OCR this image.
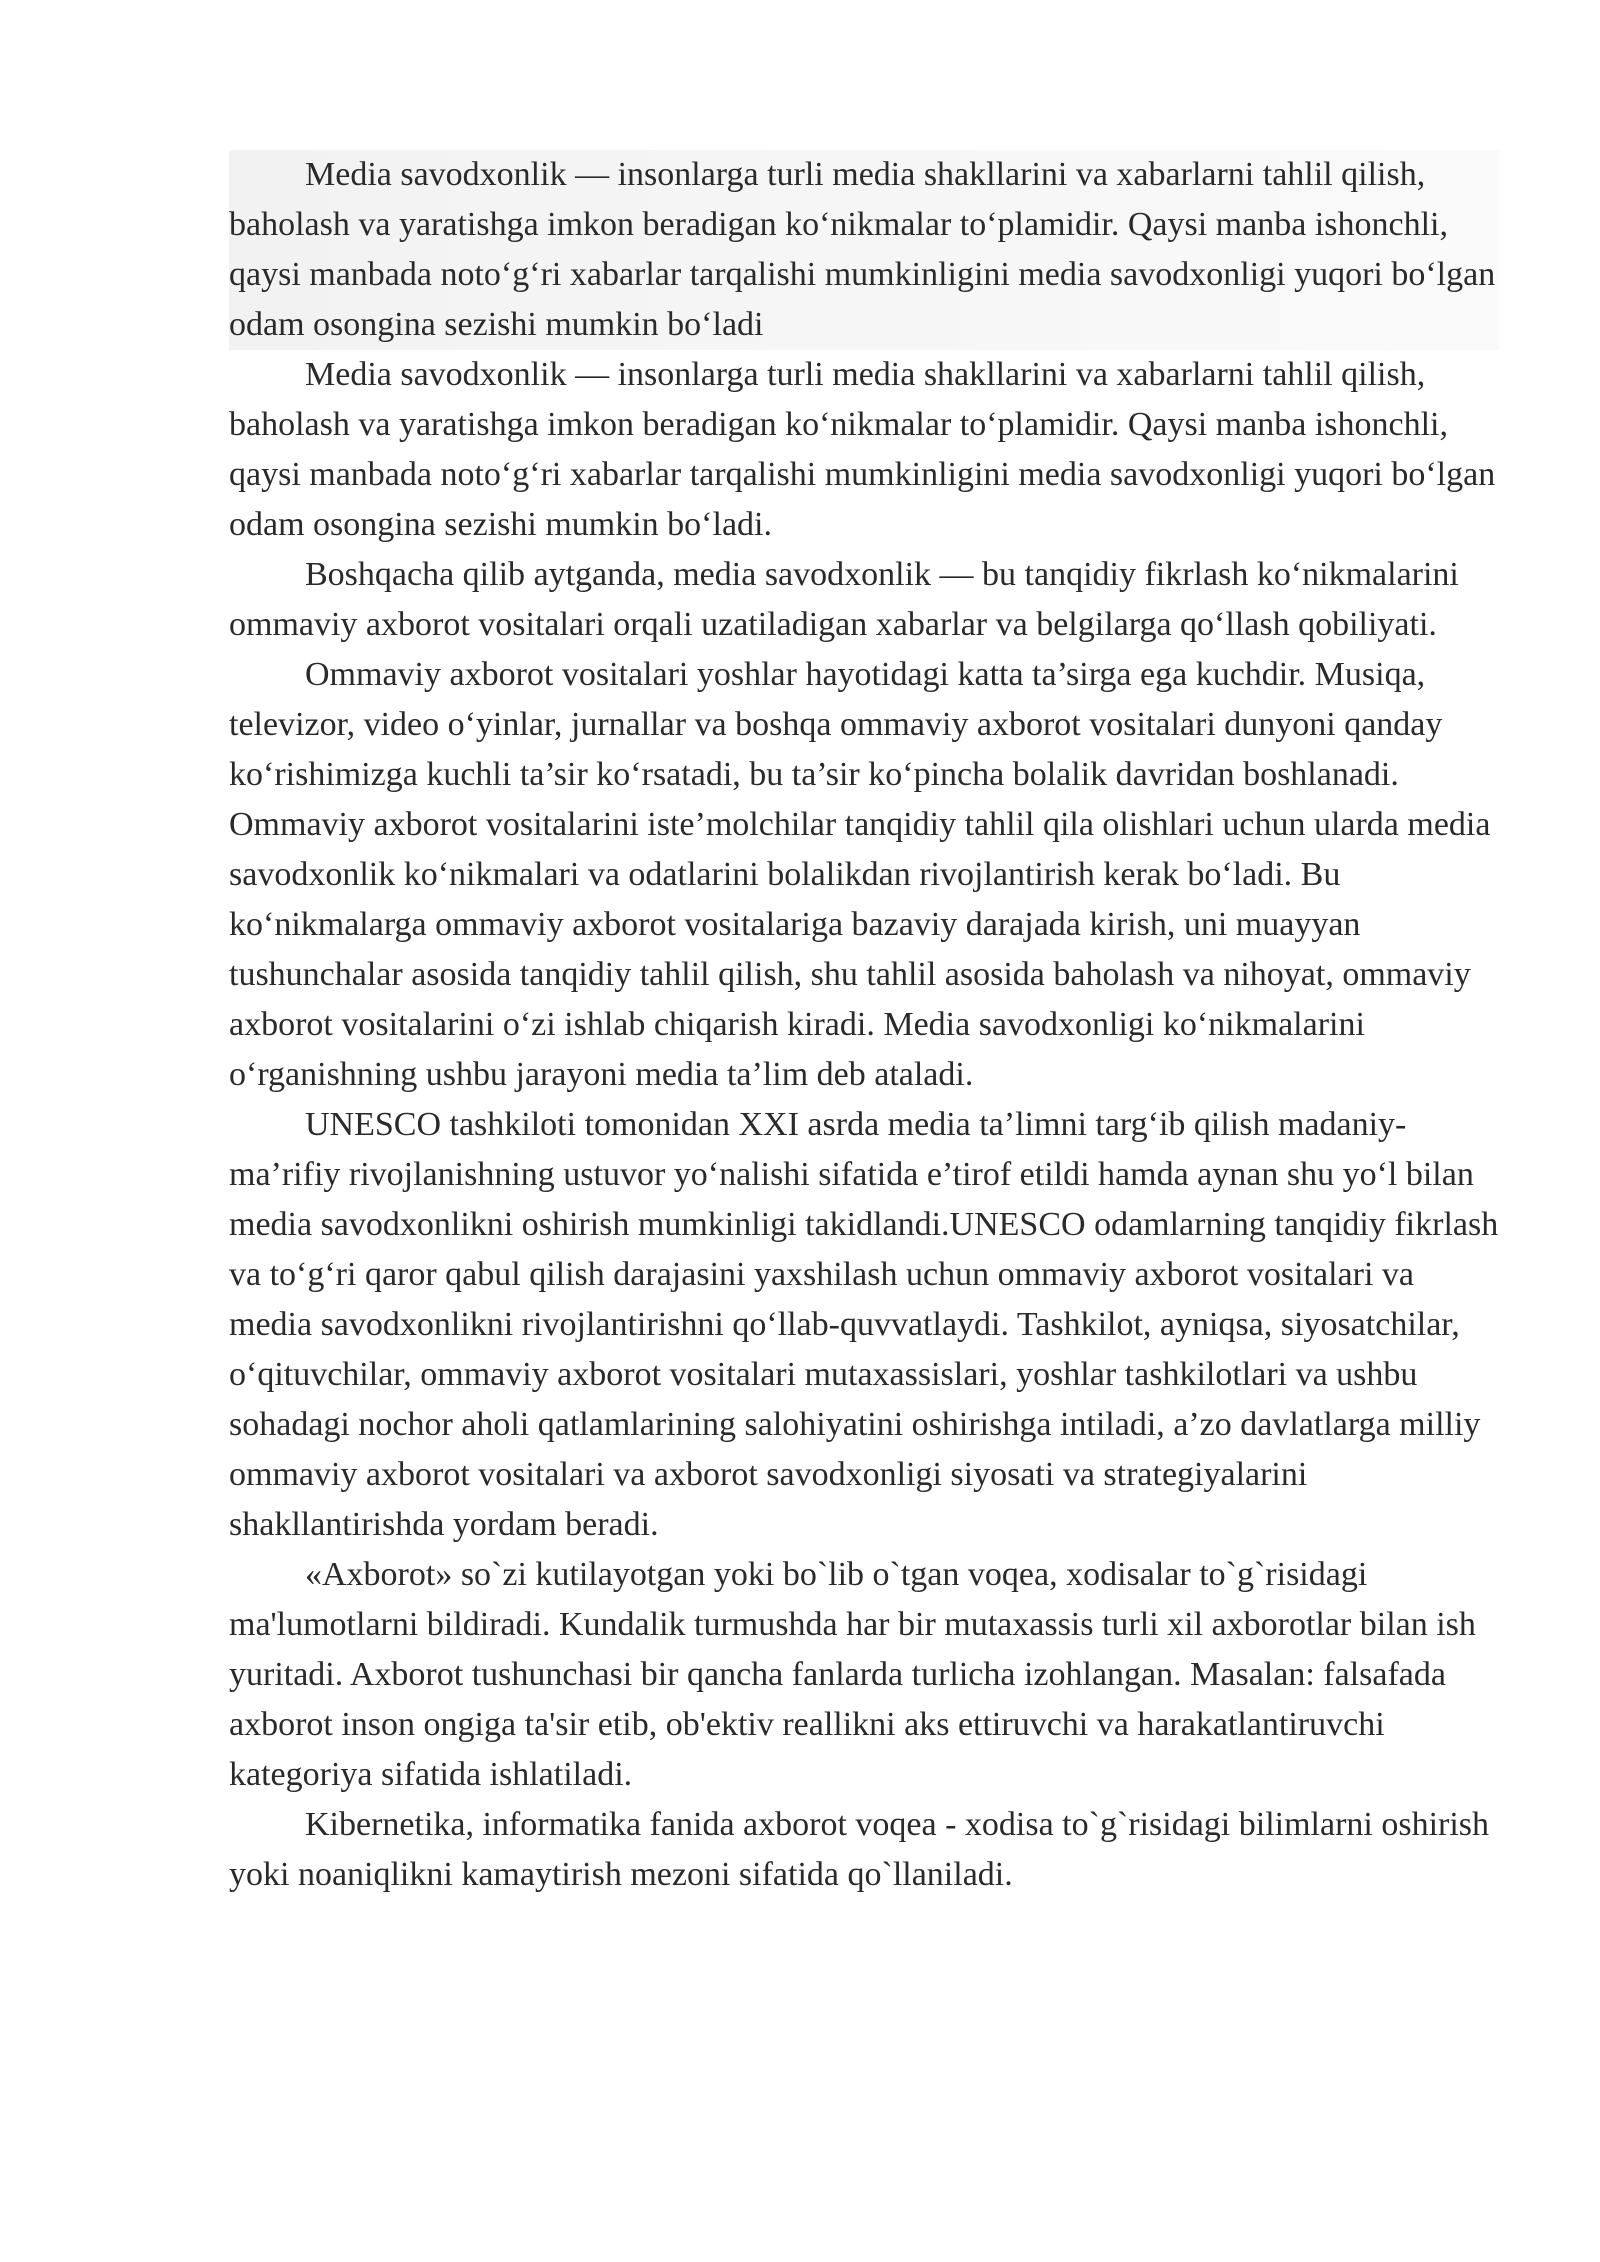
Media savodxonlik — insonlarga turli media shakllarini va xabarlarni tahlil qilish, baholash va yaratishga imkon beradigan koʻnikmalar toʻplamidir. Qaysi manba ishonchli, qaysi manbada notoʻgʻri xabarlar tarqalishi mumkinligini media savodxonligi yuqori boʻlgan odam osongina sezishi mumkin boʻladi

Media savodxonlik — insonlarga turli media shakllarini va xabarlarni tahlil qilish, baholash va yaratishga imkon beradigan koʻnikmalar toʻplamidir. Qaysi manba ishonchli, qaysi manbada notoʻgʻri xabarlar tarqalishi mumkinligini media savodxonligi yuqori boʻlgan odam osongina sezishi mumkin boʻladi.

Boshqacha qilib aytganda, media savodxonlik — bu tanqidiy fikrlash koʻnikmalarini ommaviy axborot vositalari orqali uzatiladigan xabarlar va belgilarga qoʻllash qobiliyati.

Ommaviy axborot vositalari yoshlar hayotidagi katta ta’sirga ega kuchdir. Musiqa, televizor, video oʻyinlar, jurnallar va boshqa ommaviy axborot vositalari dunyoni qanday koʻrishimizga kuchli ta’sir koʻrsatadi, bu ta’sir koʻpincha bolalik davridan boshlanadi. Ommaviy axborot vositalarini iste’molchilar tanqidiy tahlil qila olishlari uchun ularda media savodxonlik koʻnikmalari va odatlarini bolalikdan rivojlantirish kerak boʻladi. Bu koʻnikmalarga ommaviy axborot vositalariga bazaviy darajada kirish, uni muayyan tushunchalar asosida tanqidiy tahlil qilish, shu tahlil asosida baholash va nihoyat, ommaviy axborot vositalarini oʻzi ishlab chiqarish kiradi. Media savodxonligi koʻnikmalarini oʻrganishning ushbu jarayoni media ta’lim deb ataladi.

UNESCO tashkiloti tomonidan XXI asrda media ta’limni targʻib qilish madaniy-ma’rifiy rivojlanishning ustuvor yoʻnalishi sifatida e’tirof etildi hamda aynan shu yoʻl bilan media savodxonlikni oshirish mumkinligi takidlandi.UNESCO odamlarning tanqidiy fikrlash va toʻgʻri qaror qabul qilish darajasini yaxshilash uchun ommaviy axborot vositalari va media savodxonlikni rivojlantirishni qoʻllab-quvvatlaydi. Tashkilot, ayniqsa, siyosatchilar, oʻqituvchilar, ommaviy axborot vositalari mutaxassislari, yoshlar tashkilotlari va ushbu sohadagi nochor aholi qatlamlarining salohiyatini oshirishga intiladi, a’zo davlatlarga milliy ommaviy axborot vositalari va axborot savodxonligi siyosati va strategiyalarini shakllantirishda yordam beradi.

«Axborot» so`zi kutilayotgan yoki bo`lib o`tgan voqea, xodisalar to`g`risidagi ma'lumotlarni bildiradi. Kundalik turmushda har bir mutaxassis turli xil axborotlar bilan ish yuritadi. Axborot tushunchasi bir qancha fanlarda turlicha izohlangan. Masalan: falsafada axborot inson ongiga ta'sir etib, ob'ektiv reallikni aks ettiruvchi va harakatlantiruvchi kategoriya sifatida ishlatiladi.

Kibernetika, informatika fanida axborot voqea - xodisa to`g`risidagi bilimlarni oshirish yoki noaniqlikni kamaytirish mezoni sifatida qo`llaniladi.
